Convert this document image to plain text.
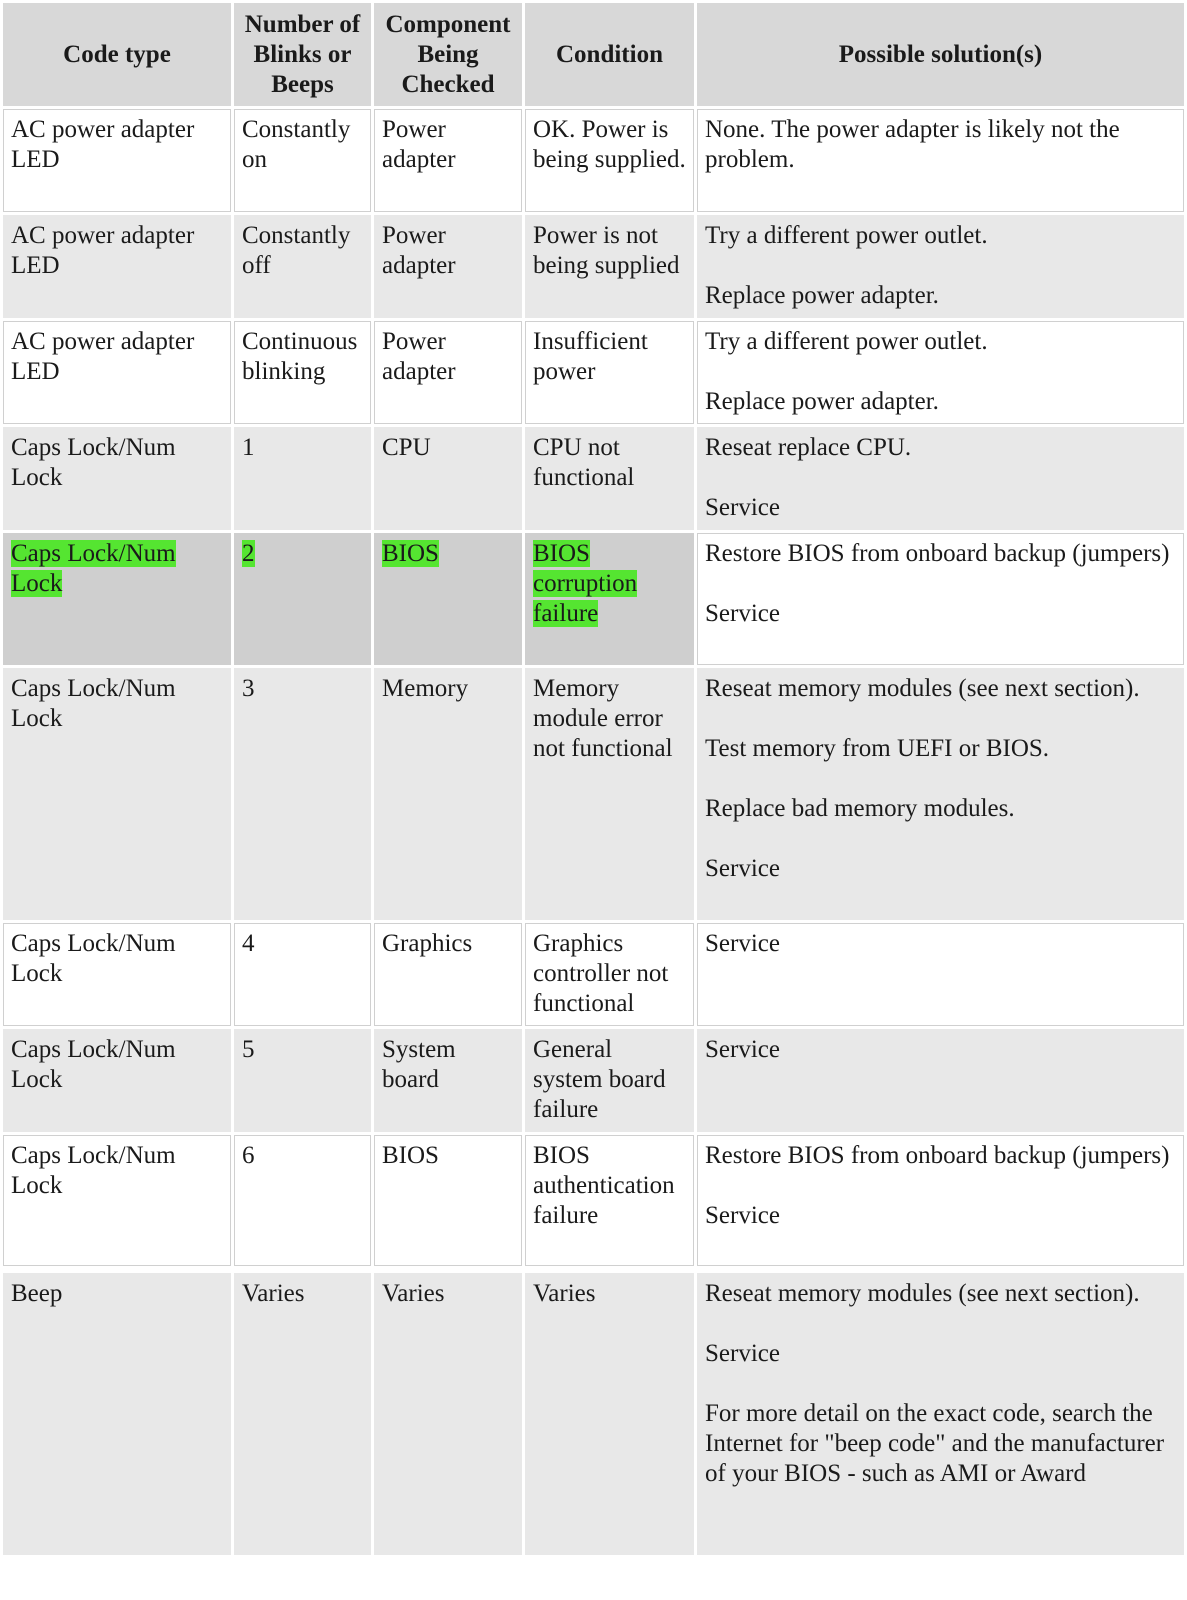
Code type	Number of Blinks or Beeps	Component Being Checked	Condition	Possible solution(s)
AC power adapter LED	Constantly on	Power adapter	OK. Power is being supplied.	None. The power adapter is likely not the problem.

AC power adapter LED	Constantly off	Power adapter	Power is not being supplied	Try a different power outlet.
Replace power adapter.

AC power adapter LED	Continuous blinking	Power adapter	Insufficient power	Try a different power outlet.
Replace power adapter.

Caps Lock/Num Lock	1	CPU	CPU not functional	Reseat replace CPU.
Service

Caps Lock/Num Lock	2	BIOS	BIOS corruption failure	Restore BIOS from onboard backup (jumpers)
Service

Caps Lock/Num Lock	3	Memory	Memory module error not functional	Reseat memory modules (see next section).
Test memory from UEFI or BIOS.
Replace bad memory modules.
Service

Caps Lock/Num Lock	4	Graphics	Graphics controller not functional	Service

Caps Lock/Num Lock	5	System board	General system board failure	Service

Caps Lock/Num Lock	6	BIOS	BIOS authentication failure	Restore BIOS from onboard backup (jumpers)
Service

Beep	Varies	Varies	Varies	Reseat memory modules (see next section).
Service
For more detail on the exact code, search the Internet for "beep code" and the manufacturer of your BIOS - such as AMI or Award
